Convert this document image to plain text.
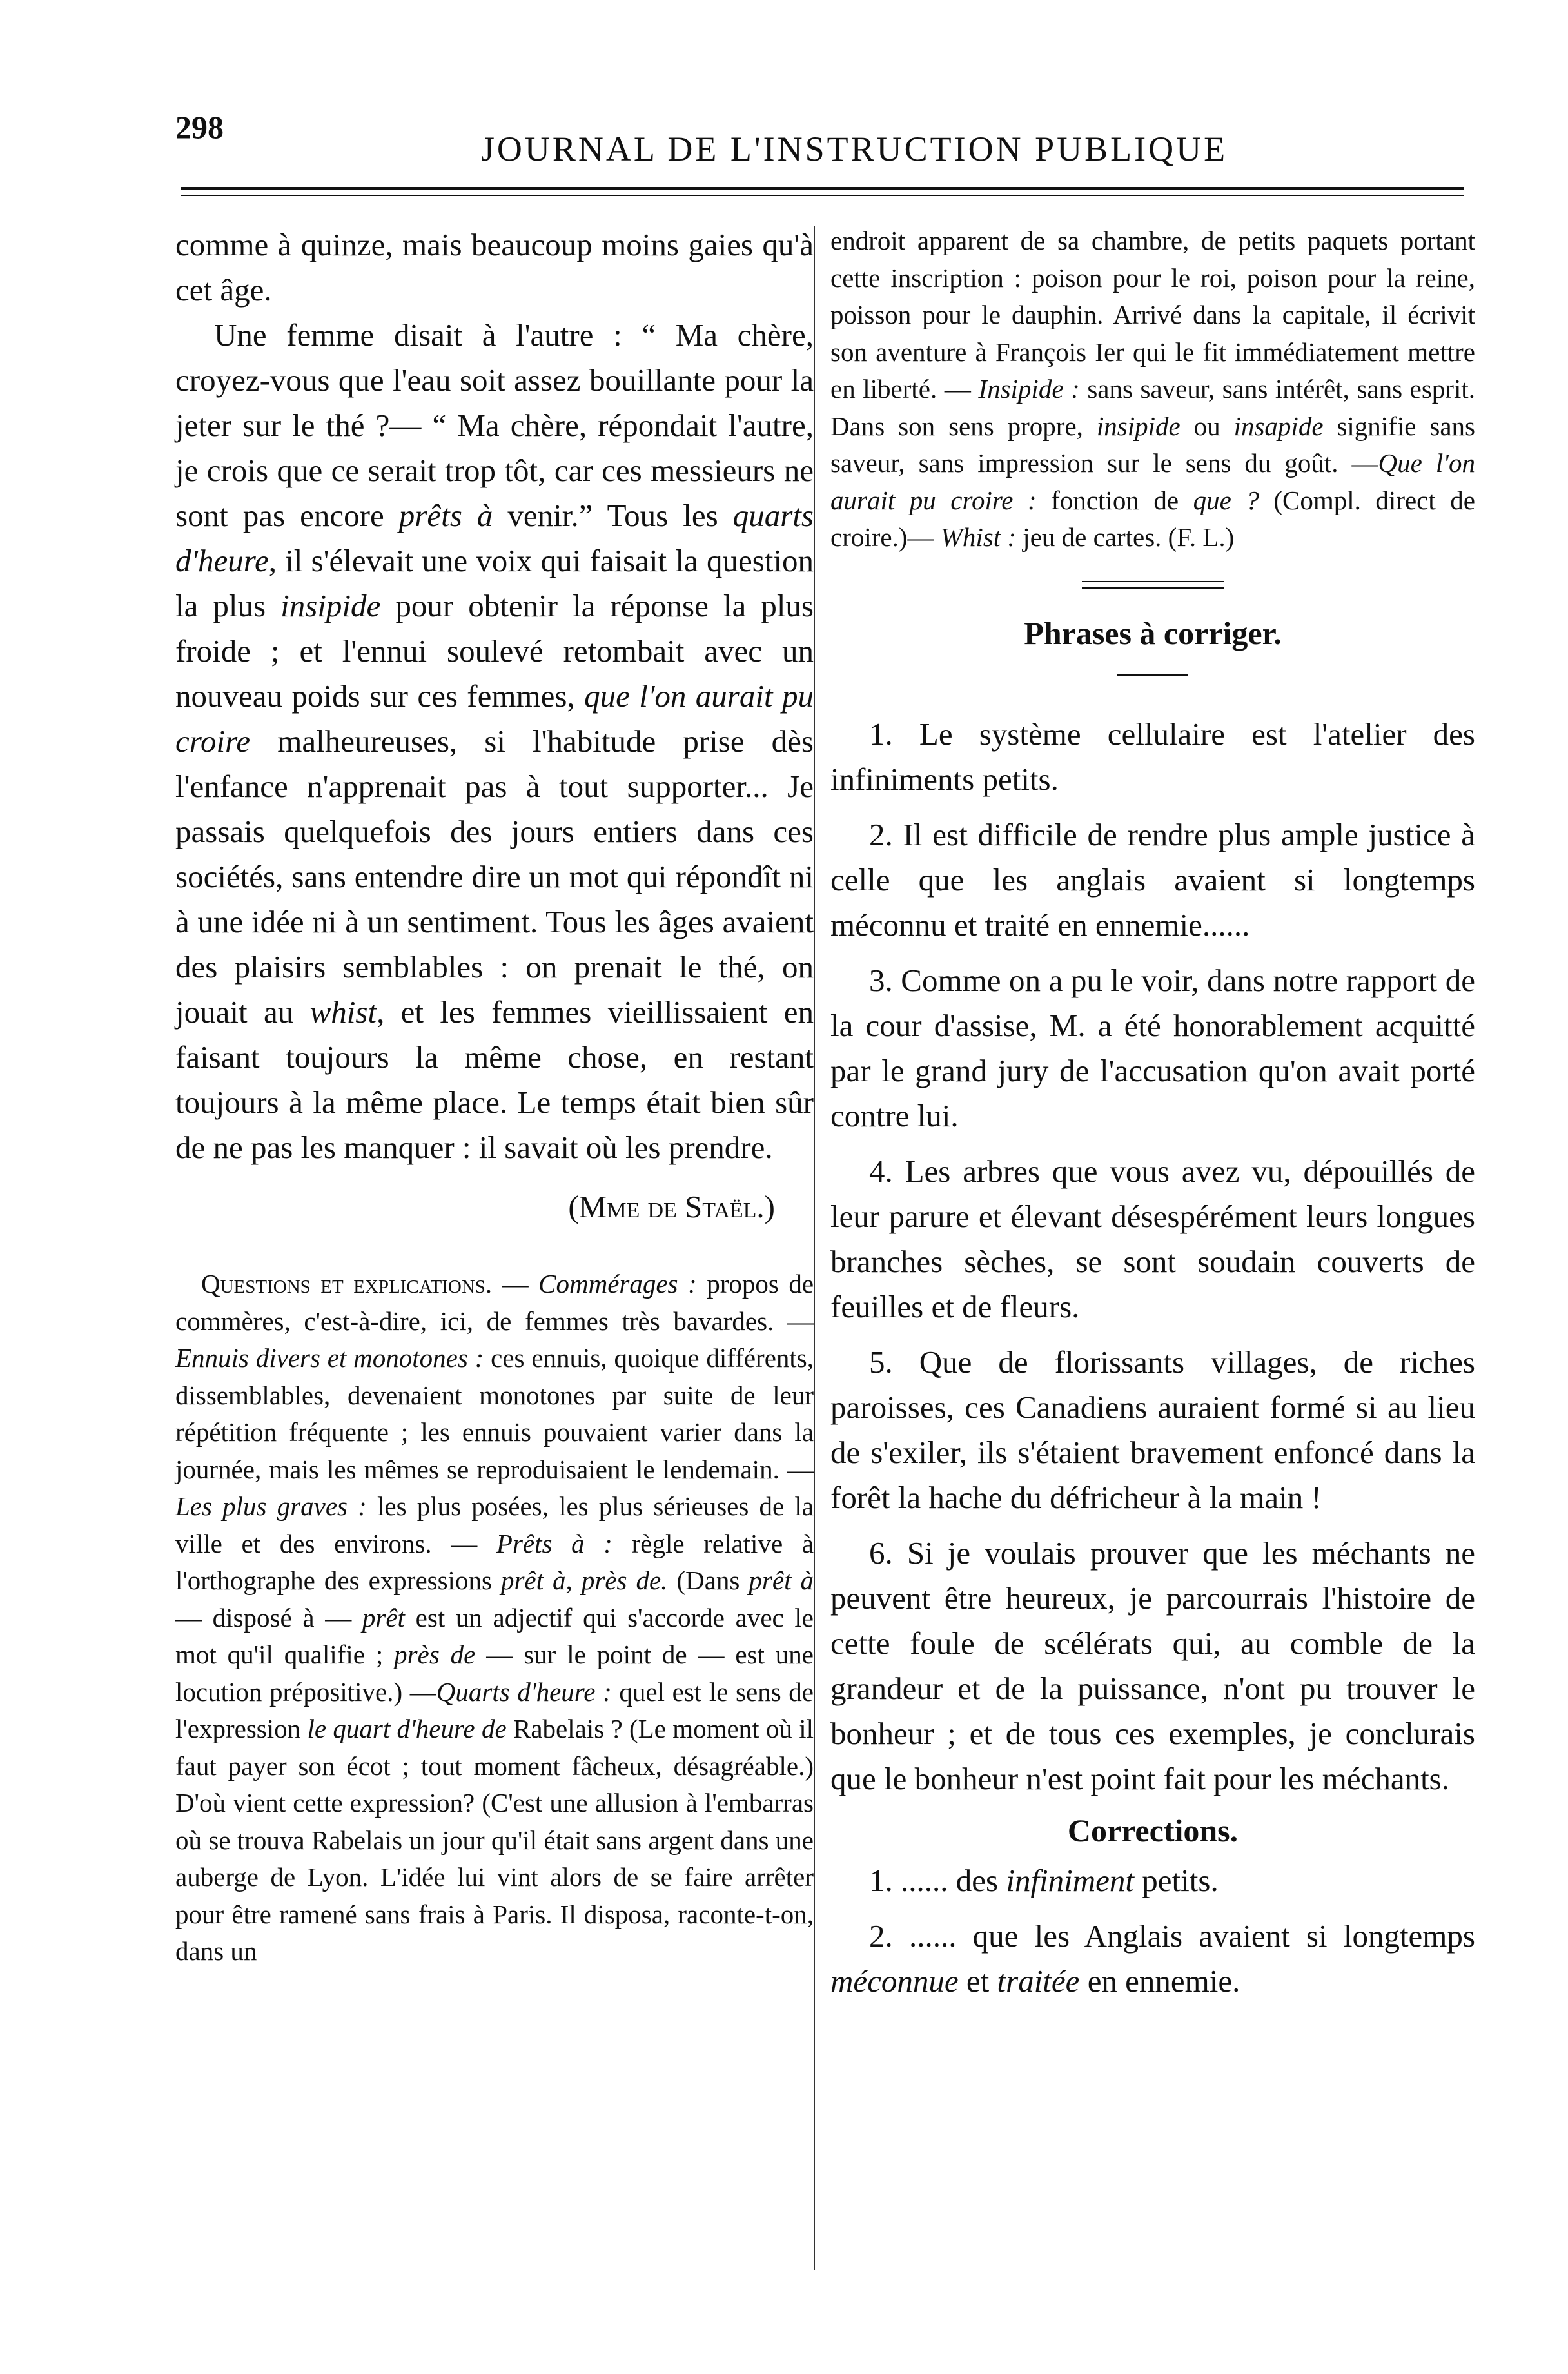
298
JOURNAL DE L'INSTRUCTION PUBLIQUE

comme à quinze, mais beaucoup moins gaies qu'à cet âge.

Une femme disait à l'autre : “ Ma chère, croyez-vous que l'eau soit assez bouillante pour la jeter sur le thé ?— “ Ma chère, répondait l'autre, je crois que ce serait trop tôt, car ces messieurs ne sont pas encore prêts à venir.” Tous les quarts d'heure, il s'élevait une voix qui faisait la question la plus insipide pour obtenir la réponse la plus froide ; et l'ennui soulevé retombait avec un nouveau poids sur ces femmes, que l'on aurait pu croire malheureuses, si l'habitude prise dès l'enfance n'apprenait pas à tout supporter... Je passais quelquefois des jours entiers dans ces sociétés, sans entendre dire un mot qui répondît ni à une idée ni à un sentiment. Tous les âges avaient des plaisirs semblables : on prenait le thé, on jouait au whist, et les femmes vieillissaient en faisant toujours la même chose, en restant toujours à la même place. Le temps était bien sûr de ne pas les manquer : il savait où les prendre.

(Mme de Staël.)

Questions et explications. — Commérages : propos de commères, c'est-à-dire, ici, de femmes très bavardes. — Ennuis divers et monotones : ces ennuis, quoique différents, dissemblables, devenaient monotones par suite de leur répétition fréquente ; les ennuis pouvaient varier dans la journée, mais les mêmes se reproduisaient le lendemain. — Les plus graves : les plus posées, les plus sérieuses de la ville et des environs. — Prêts à : règle relative à l'orthographe des expressions prêt à, près de. (Dans prêt à — disposé à — prêt est un adjectif qui s'accorde avec le mot qu'il qualifie ; près de — sur le point de — est une locution prépositive.) —Quarts d'heure : quel est le sens de l'expression le quart d'heure de Rabelais ? (Le moment où il faut payer son écot ; tout moment fâcheux, désagréable.) D'où vient cette expression? (C'est une allusion à l'embarras où se trouva Rabelais un jour qu'il était sans argent dans une auberge de Lyon. L'idée lui vint alors de se faire arrêter pour être ramené sans frais à Paris. Il disposa, raconte-t-on, dans un

endroit apparent de sa chambre, de petits paquets portant cette inscription : poison pour le roi, poison pour la reine, poisson pour le dauphin. Arrivé dans la capitale, il écrivit son aventure à François Ier qui le fit immédiatement mettre en liberté. — Insipide : sans saveur, sans intérêt, sans esprit. Dans son sens propre, insipide ou insapide signifie sans saveur, sans impression sur le sens du goût. —Que l'on aurait pu croire : fonction de que ? (Compl. direct de croire.)— Whist : jeu de cartes. (F. L.)

Phrases à corriger.

1. Le système cellulaire est l'atelier des infiniments petits.

2. Il est difficile de rendre plus ample justice à celle que les anglais avaient si longtemps méconnu et traité en ennemie......

3. Comme on a pu le voir, dans notre rapport de la cour d'assise, M. a été honorablement acquitté par le grand jury de l'accusation qu'on avait porté contre lui.

4. Les arbres que vous avez vu, dépouillés de leur parure et élevant désespérément leurs longues branches sèches, se sont soudain couverts de feuilles et de fleurs.

5. Que de florissants villages, de riches paroisses, ces Canadiens auraient formé si au lieu de s'exiler, ils s'étaient bravement enfoncé dans la forêt la hache du défricheur à la main !

6. Si je voulais prouver que les méchants ne peuvent être heureux, je parcourrais l'histoire de cette foule de scélérats qui, au comble de la grandeur et de la puissance, n'ont pu trouver le bonheur ; et de tous ces exemples, je conclurais que le bonheur n'est point fait pour les méchants.

Corrections.

1. ...... des infiniment petits.

2. ...... que les Anglais avaient si longtemps méconnue et traitée en ennemie.
